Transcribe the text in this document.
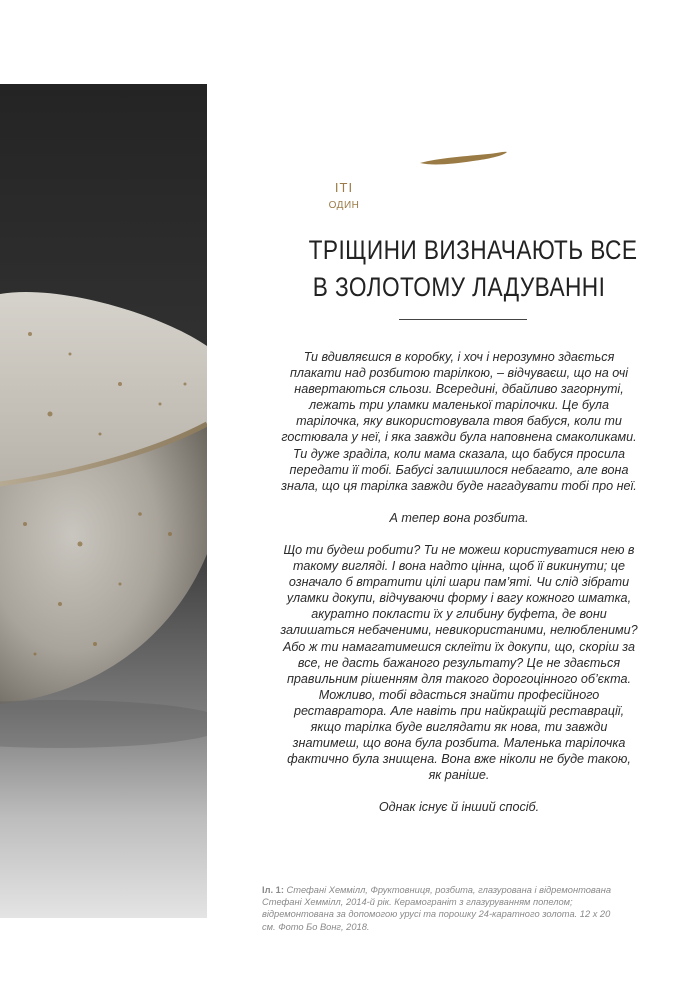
ITI
ОДИН
ТРІЩИНИ ВИЗНАЧАЮТЬ ВСЕ
В ЗОЛОТОМУ ЛАДУВАННІ

Ти вдивляєшся в коробку, і хоч і нерозумно здається плакати над розбитою тарілкою, – відчуваєш, що на очі навертаються сльози. Всередині, дбайливо загорнуті, лежать три уламки маленької тарілочки. Це була тарілочка, яку використовувала твоя бабуся, коли ти гостювала у неї, і яка завжди була наповнена смаколиками. Ти дуже зраділа, коли мама сказала, що бабуся просила передати її тобі. Бабусі залишилося небагато, але вона знала, що ця тарілка завжди буде нагадувати тобі про неї.

А тепер вона розбита.

Що ти будеш робити? Ти не можеш користуватися нею в такому вигляді. І вона надто цінна, щоб її викинути; це означало б втратити цілі шари пам’яті. Чи слід зібрати уламки докупи, відчуваючи форму і вагу кожного шматка, акуратно покласти їх у глибину буфета, де вони залишаться небаченими, невикористаними, нелюбленими? Або ж ти намагатимешся склеїти їх докупи, що, скоріш за все, не дасть бажаного результату? Це не здається правильним рішенням для такого дорогоцінного об’єкта. Можливо, тобі вдасться знайти професійного реставратора. Але навіть при найкращій реставрації, якщо тарілка буде виглядати як нова, ти завжди знатимеш, що вона була розбита. Маленька тарілочка фактично була знищена. Вона вже ніколи не буде такою, як раніше.

Однак існує й інший спосіб.

Іл. 1: Стефані Хеммілл, Фруктовниця, розбита, глазурована і відремонтована Стефані Хеммілл, 2014-й рік. Керамограніт з глазуруванням попелом; відремонтована за допомогою урусі та порошку 24-каратного золота. 12 х 20 см. Фото Бо Вонг, 2018.
